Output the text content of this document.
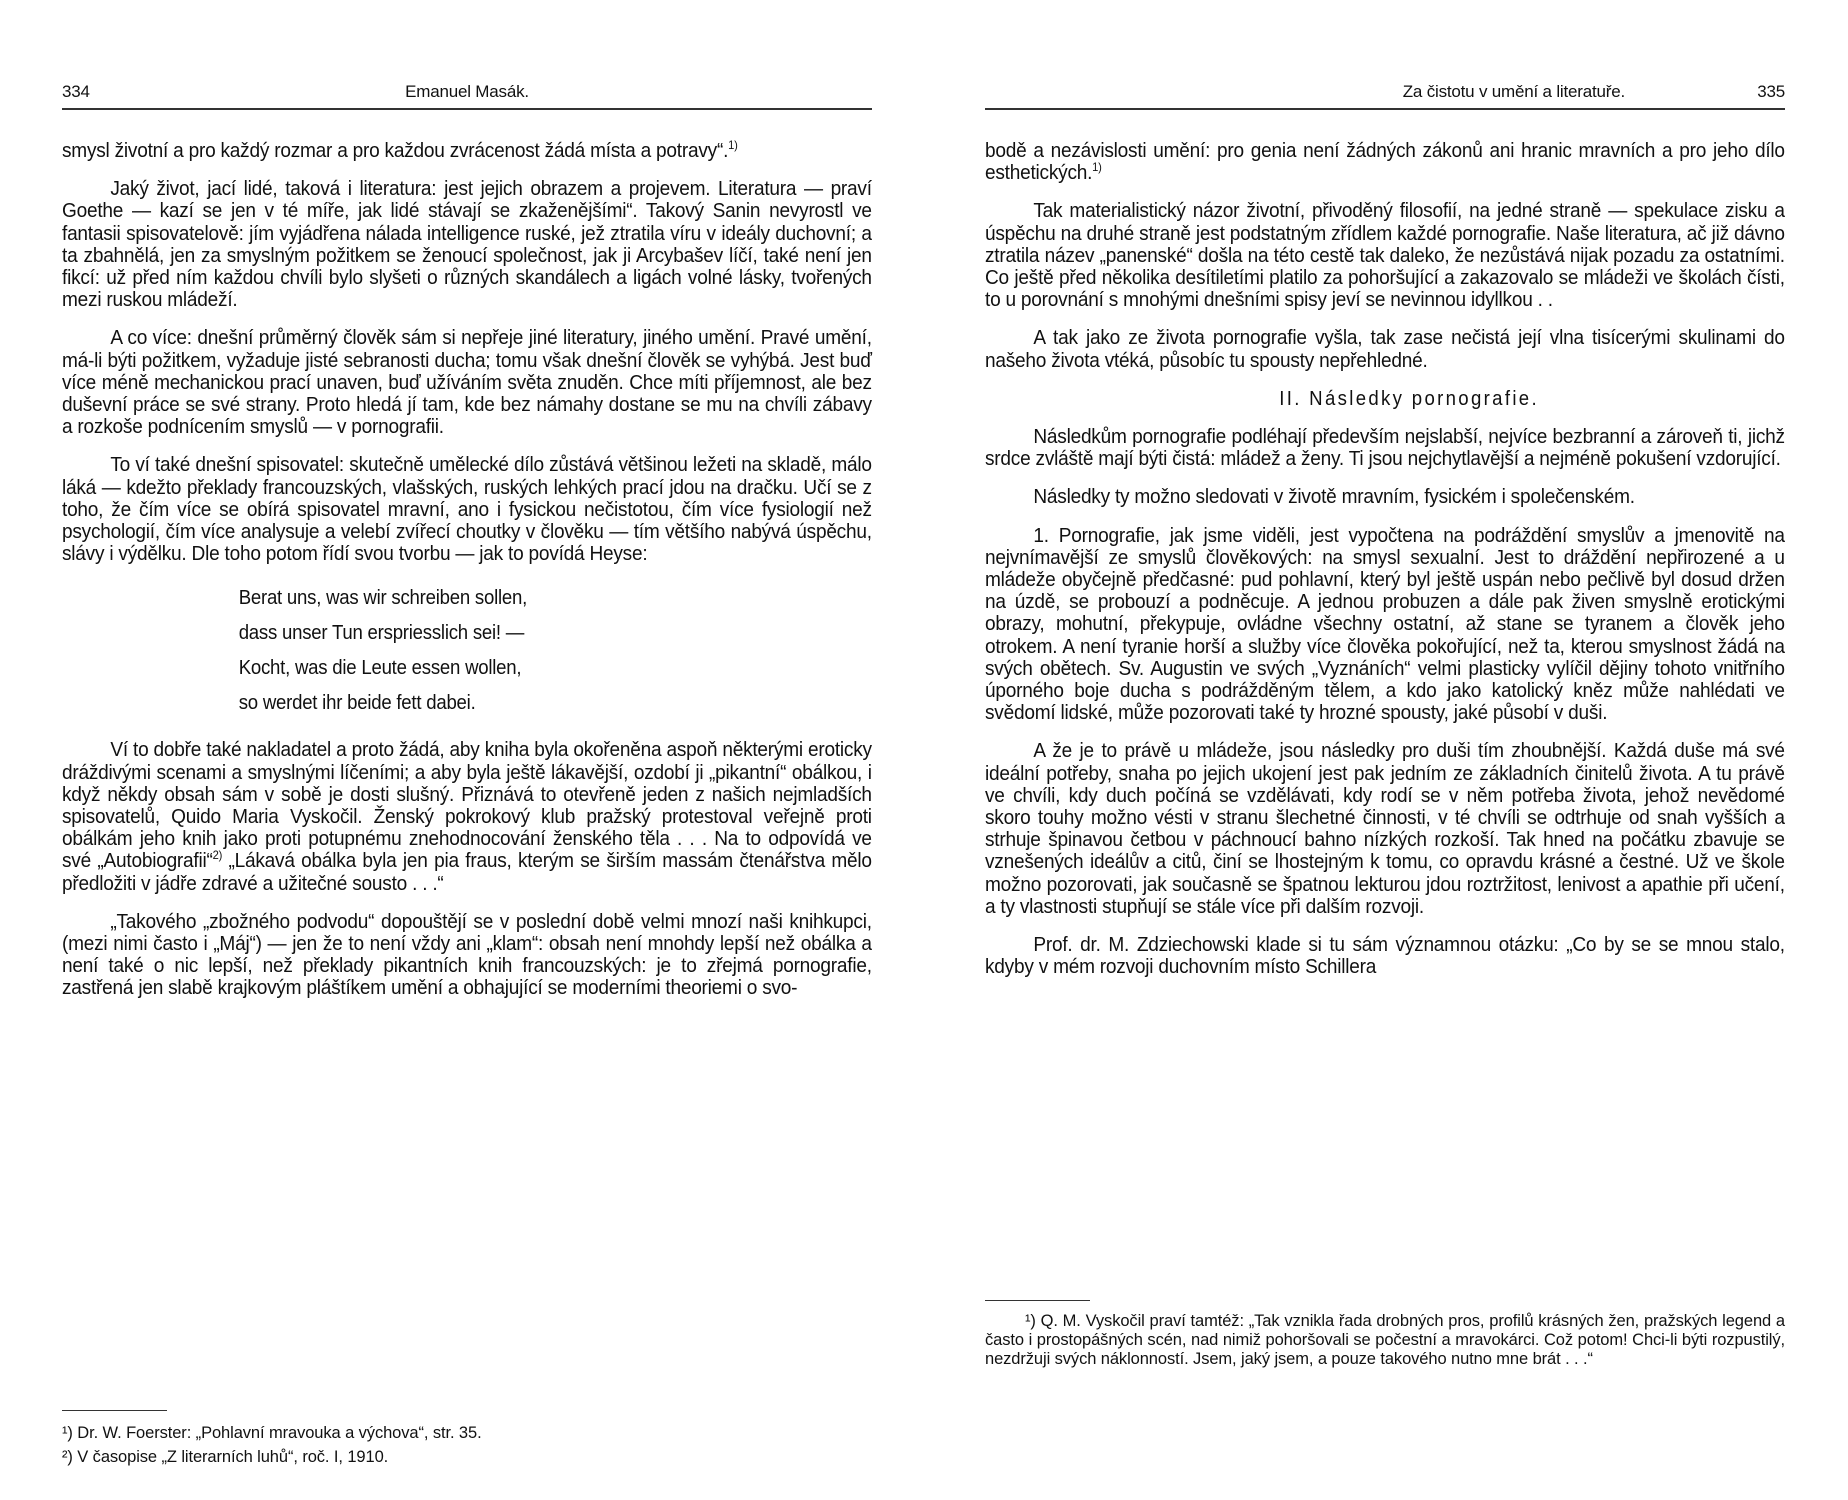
334	Emanuel Masák.

smysl životní a pro každý rozmar a pro každou zvrácenost žádá místa a potravy“.$^{1)}$

Jaký život, jací lidé, taková i literatura: jest jejich obrazem a projevem. Literatura — praví Goethe — kazí se jen v té míře, jak lidé stávají se zkaženějšími“. Takový Sanin nevyrostl ve fantasii spisovatelově: jím vyjádřena nálada intelligence ruské, jež ztratila víru v ideály duchovní; a ta zbahnělá, jen za smyslným požitkem se ženoucí společnost, jak ji Arcybašev líčí, také není jen fikcí: už před ním každou chvíli bylo slyšeti o různých skandálech a ligách volné lásky, tvořených mezi ruskou mládeží.

A co více: dnešní průměrný člověk sám si nepřeje jiné literatury, jiného umění. Pravé umění, má-li býti požitkem, vyžaduje jisté sebranosti ducha; tomu však dnešní člověk se vyhýbá. Jest buď více méně mechanickou prací unaven, buď užíváním světa znuděn. Chce míti příjemnost, ale bez duševní práce se své strany. Proto hledá jí tam, kde bez námahy dostane se mu na chvíli zábavy a rozkoše podnícením smyslů — v pornografii.

To ví také dnešní spisovatel: skutečně umělecké dílo zůstává většinou ležeti na skladě, málo láká — kdežto překlady francouzských, vlašských, ruských lehkých prací jdou na dračku. Učí se z toho, že čím více se obírá spisovatel mravní, ano i fysickou nečistotou, čím více fysiologií než psychologií, čím více analysuje a velebí zvířecí choutky v člověku — tím většího nabývá úspěchu, slávy i výdělku. Dle toho potom řídí svou tvorbu — jak to povídá Heyse:

Berat uns, was wir schreiben sollen,
dass unser Tun erspriesslich sei! —
Kocht, was die Leute essen wollen,
so werdet ihr beide fett dabei.

Ví to dobře také nakladatel a proto žádá, aby kniha byla okořeněna aspoň některými eroticky dráždivými scenami a smyslnými líčeními; a aby byla ještě lákavější, ozdobí ji „pikantní“ obálkou, i když někdy obsah sám v sobě je dosti slušný. Přiznává to otevřeně jeden z našich nejmladších spisovatelů, Quido Maria Vyskočil. Ženský pokrokový klub pražský protestoval veřejně proti obálkám jeho knih jako proti potupnému znehodnocování ženského těla . . . Na to odpovídá ve své „Autobiografii“$^{2)}$ „Lákavá obálka byla jen pia fraus, kterým se širším massám čtenářstva mělo předložiti v jádře zdravé a užitečné sousto . . .“

„Takového „zbožného podvodu“ dopouštějí se v poslední době velmi mnozí naši knihkupci, (mezi nimi často i „Máj“) — jen že to není vždy ani „klam“: obsah není mnohdy lepší než obálka a není také o nic lepší, než překlady pikantních knih francouzských: je to zřejmá pornografie, zastřená jen slabě krajkovým pláštíkem umění a obhajující se moderními theoriemi o svo-

¹) Dr. W. Foerster: „Pohlavní mravouka a výchova“, str. 35.
²) V časopise „Z literarních luhů“, roč. I, 1910.
Za čistotu v umění a literatuře.	335

bodě a nezávislosti umění: pro genia není žádných zákonů ani hranic mravních a pro jeho dílo esthetických.$^{1)}$

Tak materialistický názor životní, přivoděný filosofií, na jedné straně — spekulace zisku a úspěchu na druhé straně jest podstatným zřídlem každé pornografie. Naše literatura, ač již dávno ztratila název „panenské“ došla na této cestě tak daleko, že nezůstává nijak pozadu za ostatními. Co ještě před několika desítiletími platilo za pohoršující a zakazovalo se mládeži ve školách čísti, to u porovnání s mnohými dnešními spisy jeví se nevinnou idyllkou . .

A tak jako ze života pornografie vyšla, tak zase nečistá její vlna tisícerými skulinami do našeho života vtéká, působíc tu spousty nepřehledné.

II. Následky pornografie.

Následkům pornografie podléhají především nejslabší, nejvíce bezbranní a zároveň ti, jichž srdce zvláště mají býti čistá: mládež a ženy. Ti jsou nejchytlavější a nejméně pokušení vzdorující.

Následky ty možno sledovati v životě mravním, fysickém i společenském.

1. Pornografie, jak jsme viděli, jest vypočtena na podráždění smyslův a jmenovitě na nejvnímavější ze smyslů člověkových: na smysl sexualní. Jest to dráždění nepřirozené a u mládeže obyčejně předčasné: pud pohlavní, který byl ještě uspán nebo pečlivě byl dosud držen na úzdě, se probouzí a podněcuje. A jednou probuzen a dále pak živen smyslně erotickými obrazy, mohutní, překypuje, ovládne všechny ostatní, až stane se tyranem a člověk jeho otrokem. A není tyranie horší a služby více člověka pokořující, než ta, kterou smyslnost žádá na svých obětech. Sv. Augustin ve svých „Vyznáních“ velmi plasticky vylíčil dějiny tohoto vnitřního úporného boje ducha s podrážděným tělem, a kdo jako katolický kněz může nahlédati ve svědomí lidské, může pozorovati také ty hrozné spousty, jaké působí v duši.

A že je to právě u mládeže, jsou následky pro duši tím zhoubnější. Každá duše má své ideální potřeby, snaha po jejich ukojení jest pak jedním ze základních činitelů života. A tu právě ve chvíli, kdy duch počíná se vzdělávati, kdy rodí se v něm potřeba života, jehož nevědomé skoro touhy možno vésti v stranu šlechetné činnosti, v té chvíli se odtrhuje od snah vyšších a strhuje špinavou četbou v páchnoucí bahno nízkých rozkoší. Tak hned na počátku zbavuje se vznešených ideálův a citů, činí se lhostejným k tomu, co opravdu krásné a čestné. Už ve škole možno pozorovati, jak současně se špatnou lekturou jdou roztržitost, lenivost a apathie při učení, a ty vlastnosti stupňují se stále více při dalším rozvoji.

Prof. dr. M. Zdziechowski klade si tu sám významnou otázku: „Co by se se mnou stalo, kdyby v mém rozvoji duchovním místo Schillera

¹) Q. M. Vyskočil praví tamtéž: „Tak vznikla řada drobných pros, profilů krásných žen, pražských legend a často i prostopášných scén, nad nimiž pohoršovali se počestní a mravokárci. Což potom! Chci-li býti rozpustilý, nezdržuji svých náklonností. Jsem, jaký jsem, a pouze takového nutno mne brát . . .“
